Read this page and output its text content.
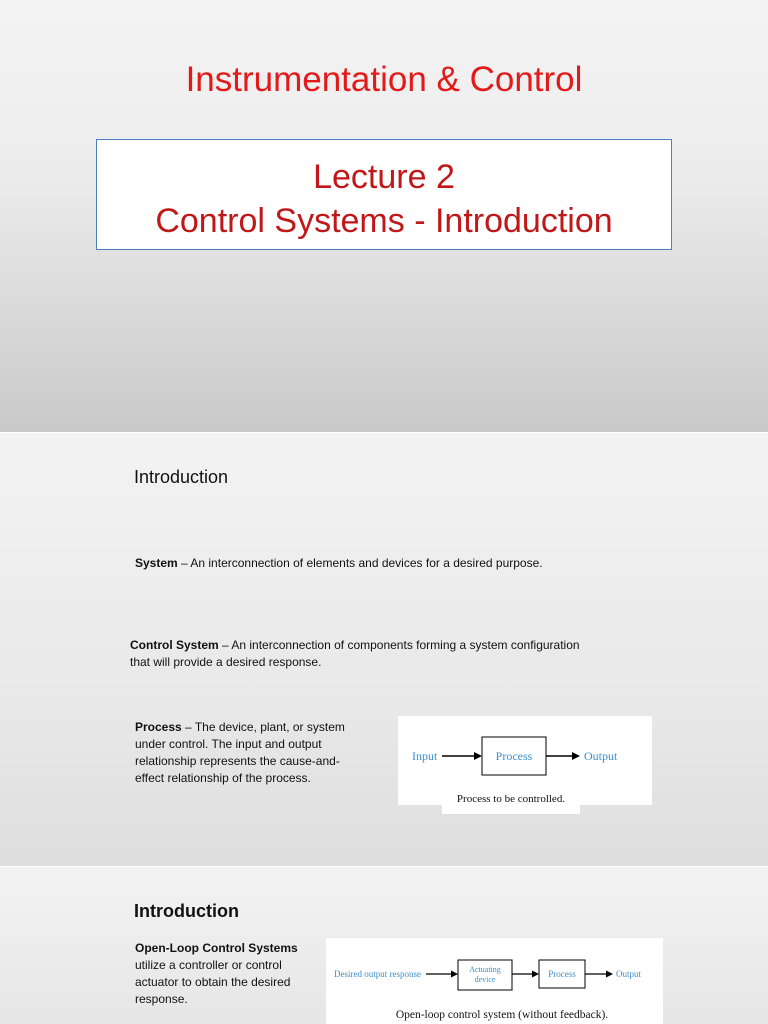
Instrumentation & Control
Lecture 2
Control Systems - Introduction
Introduction
System – An interconnection of elements and devices for a desired purpose.
Control System – An interconnection of components forming a system configuration
that will provide a desired response.
Process – The device, plant, or system
under control. The input and output
relationship represents the cause-and-
effect relationship of the process.
Input	Process	Output
Process to be controlled.
Introduction
Open-Loop Control Systems
utilize a controller or control
actuator to obtain the desired
response.
Desired output response	Actuating
device
Process	Output
Open-loop control system (without feedback).
